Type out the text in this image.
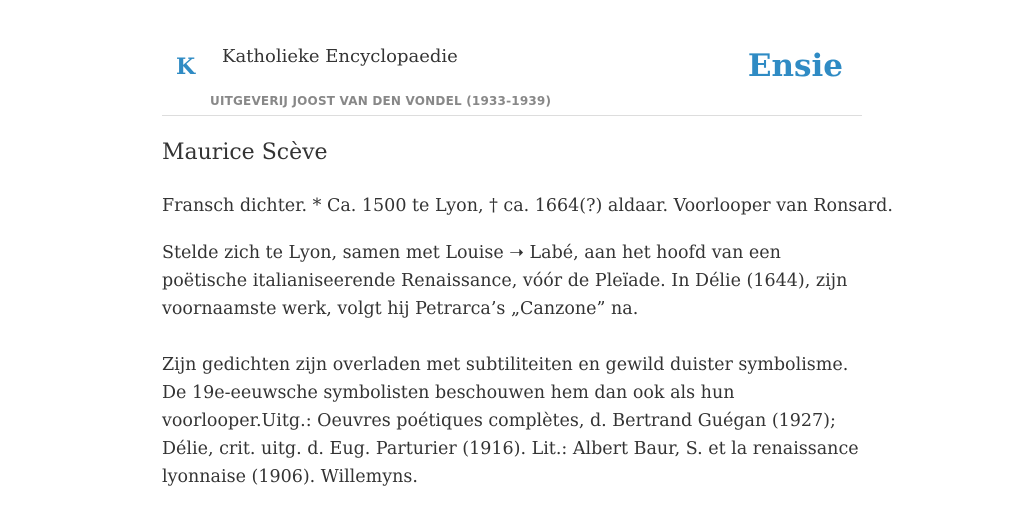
K Katholieke Encyclopaedie
UITGEVERIJ JOOST VAN DEN VONDEL (1933-1939)
Ensie
Maurice Scève

Fransch dichter. * Ca. 1500 te Lyon, † ca. 1664(?) aldaar. Voorlooper van Ronsard.

Stelde zich te Lyon, samen met Louise ➝ Labé, aan het hoofd van een poëtische italianiseerende Renaissance, vóór de Pleïade. In Délie (1644), zijn voornaamste werk, volgt hij Petrarca’s „Canzone” na.

Zijn gedichten zijn overladen met subtiliteiten en gewild duister symbolisme. De 19e-eeuwsche symbolisten beschouwen hem dan ook als hun voorlooper.Uitg.: Oeuvres poétiques complètes, d. Bertrand Guégan (1927); Délie, crit. uitg. d. Eug. Parturier (1916). Lit.: Albert Baur, S. et la renaissance lyonnaise (1906). Willemyns.
